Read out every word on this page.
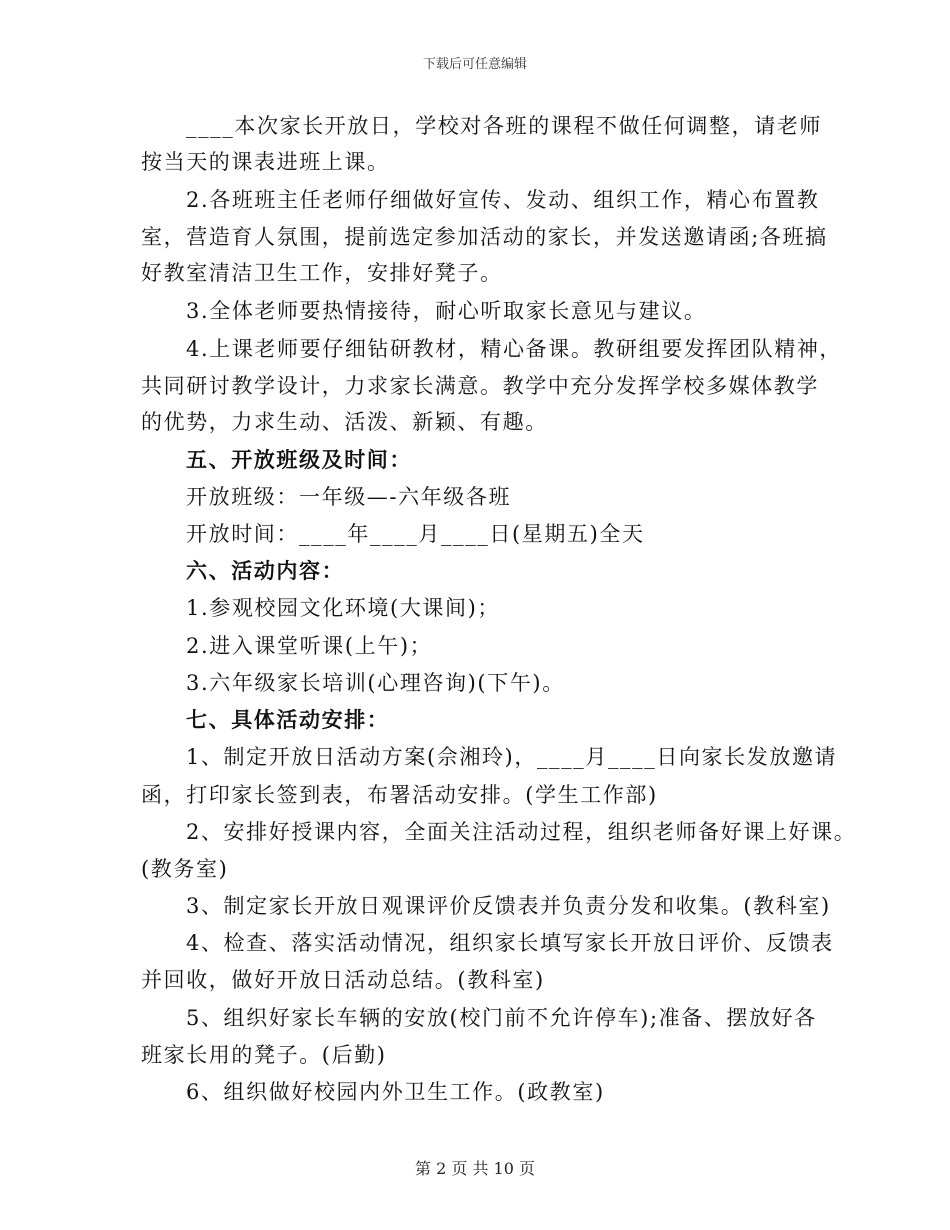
下载后可任意编辑
____本次家长开放日，学校对各班的课程不做任何调整，请老师
按当天的课表进班上课。
2.各班班主任老师仔细做好宣传、发动、组织工作，精心布置教
室，营造育人氛围，提前选定参加活动的家长，并发送邀请函;各班搞
好教室清洁卫生工作，安排好凳子。
3.全体老师要热情接待，耐心听取家长意见与建议。
4.上课老师要仔细钻研教材，精心备课。教研组要发挥团队精神，
共同研讨教学设计，力求家长满意。教学中充分发挥学校多媒体教学
的优势，力求生动、活泼、新颖、有趣。
五、开放班级及时间：
开放班级：一年级—-六年级各班
开放时间：____年____月____日(星期五)全天
六、活动内容：
1.参观校园文化环境(大课间)；
2.进入课堂听课(上午)；
3.六年级家长培训(心理咨询)(下午)。
七、具体活动安排：
1、制定开放日活动方案(佘湘玲)，____月____日向家长发放邀请
函，打印家长签到表，布署活动安排。(学生工作部)
2、安排好授课内容，全面关注活动过程，组织老师备好课上好课。
(教务室)
3、制定家长开放日观课评价反馈表并负责分发和收集。(教科室)
4、检查、落实活动情况，组织家长填写家长开放日评价、反馈表
并回收，做好开放日活动总结。(教科室)
5、组织好家长车辆的安放(校门前不允许停车);准备、摆放好各
班家长用的凳子。(后勤)
6、组织做好校园内外卫生工作。(政教室)
第 2 页 共 10 页
